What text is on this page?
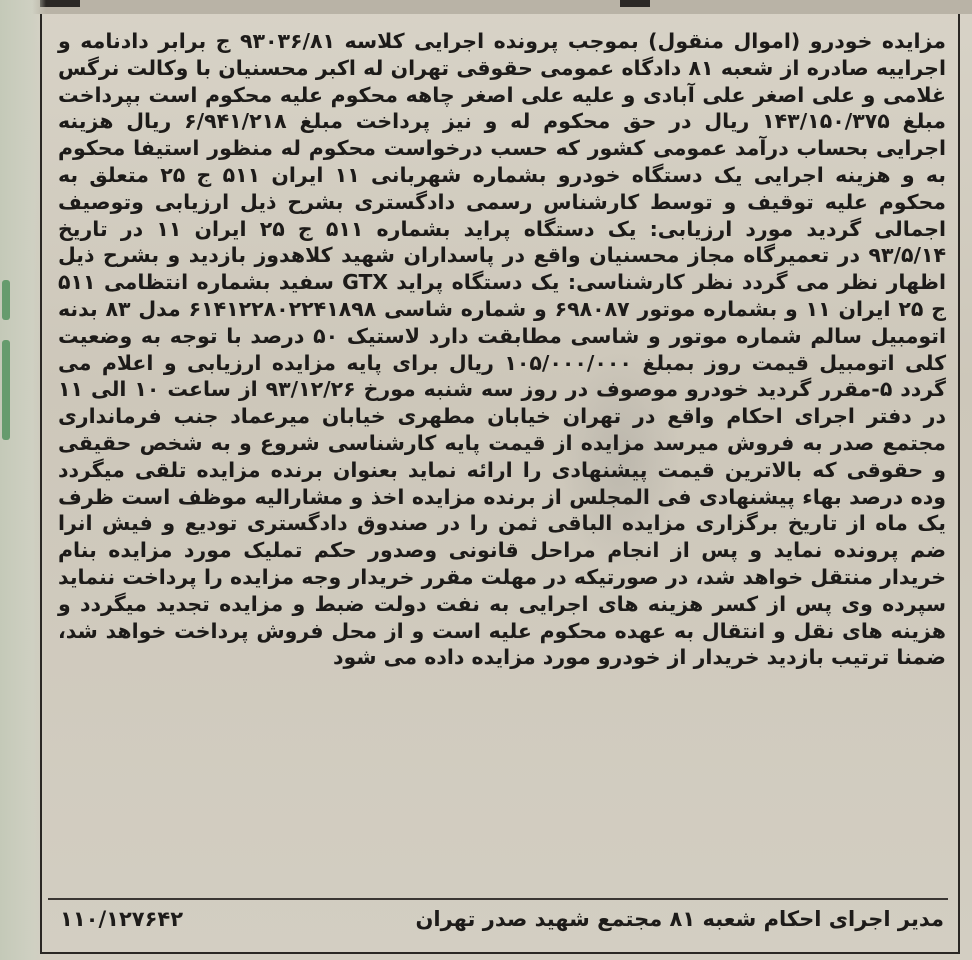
مزایده خودرو (اموال منقول) بموجب پرونده اجرایی کلاسه ۹۳۰۳۶/۸۱ ج برابر دادنامه و اجراییه صادره از شعبه ۸۱ دادگاه عمومی حقوقی تهران له اکبر محسنیان با وکالت نرگس غلامی و علی اصغر علی آبادی و علیه علی اصغر چاهه محکوم علیه محکوم است بپرداخت مبلغ ۱۴۳/۱۵۰/۳۷۵ ریال در حق محکوم له و نیز پرداخت مبلغ ۶/۹۴۱/۲۱۸ ریال هزینه اجرایی بحساب درآمد عمومی کشور که حسب درخواست محکوم له منظور استیفا محکوم به و هزینه اجرایی یک دستگاه خودرو بشماره شهربانی ۱۱ ایران ۵۱۱ ج ۲۵ متعلق به محکوم علیه توقیف و توسط کارشناس رسمی دادگستری بشرح ذیل ارزیابی وتوصیف اجمالی گردید مورد ارزیابی: یک دستگاه پراید بشماره ۵۱۱ ج ۲۵ ایران ۱۱ در تاریخ ۹۳/۵/۱۴ در تعمیرگاه مجاز محسنیان واقع در پاسداران شهید کلاهدوز بازدید و بشرح ذیل اظهار نظر می گردد نظر کارشناسی: یک دستگاه پراید GTX سفید بشماره انتظامی ۵۱۱ ج ۲۵ ایران ۱۱ و بشماره موتور ۶۹۸۰۸۷ و شماره شاسی ۶۱۴۱۲۲۸۰۲۲۴۱۸۹۸ مدل ۸۳ بدنه اتومبیل سالم شماره موتور و شاسی مطابقت دارد لاستیک ۵۰ درصد با توجه به وضعیت کلی اتومبیل قیمت روز بمبلغ ۱۰۵/۰۰۰/۰۰۰ ریال برای پایه مزایده ارزیابی و اعلام می گردد ۵-مقرر گردید خودرو موصوف در روز سه شنبه مورخ ۹۳/۱۲/۲۶ از ساعت ۱۰ الی ۱۱ در دفتر اجرای احکام واقع در تهران خیابان مطهری خیابان میرعماد جنب فرمانداری مجتمع صدر به فروش میرسد مزایده از قیمت پایه کارشناسی شروع و به شخص حقیقی و حقوقی که بالاترین قیمت پیشنهادی را ارائه نماید بعنوان برنده مزایده تلقی میگردد وده درصد بهاء پیشنهادی فی المجلس از برنده مزایده اخذ و مشارالیه موظف است ظرف یک ماه از تاریخ برگزاری مزایده الباقی ثمن را در صندوق دادگستری تودیع و فیش انرا ضم پرونده نماید و پس از انجام مراحل قانونی وصدور حکم تملیک مورد مزایده بنام خریدار منتقل خواهد شد، در صورتیکه در مهلت مقرر خریدار وجه مزایده را پرداخت ننماید سپرده وی پس از کسر هزینه های اجرایی به نفت دولت ضبط و مزایده تجدید میگردد و هزینه های نقل و انتقال به عهده محکوم علیه است و از محل فروش پرداخت خواهد شد، ضمنا ترتیب بازدید خریدار از خودرو مورد مزایده داده می شود

مدیر اجرای احکام شعبه ۸۱ مجتمع شهید صدر تهران
۱۱۰/۱۲۷۶۴۲
